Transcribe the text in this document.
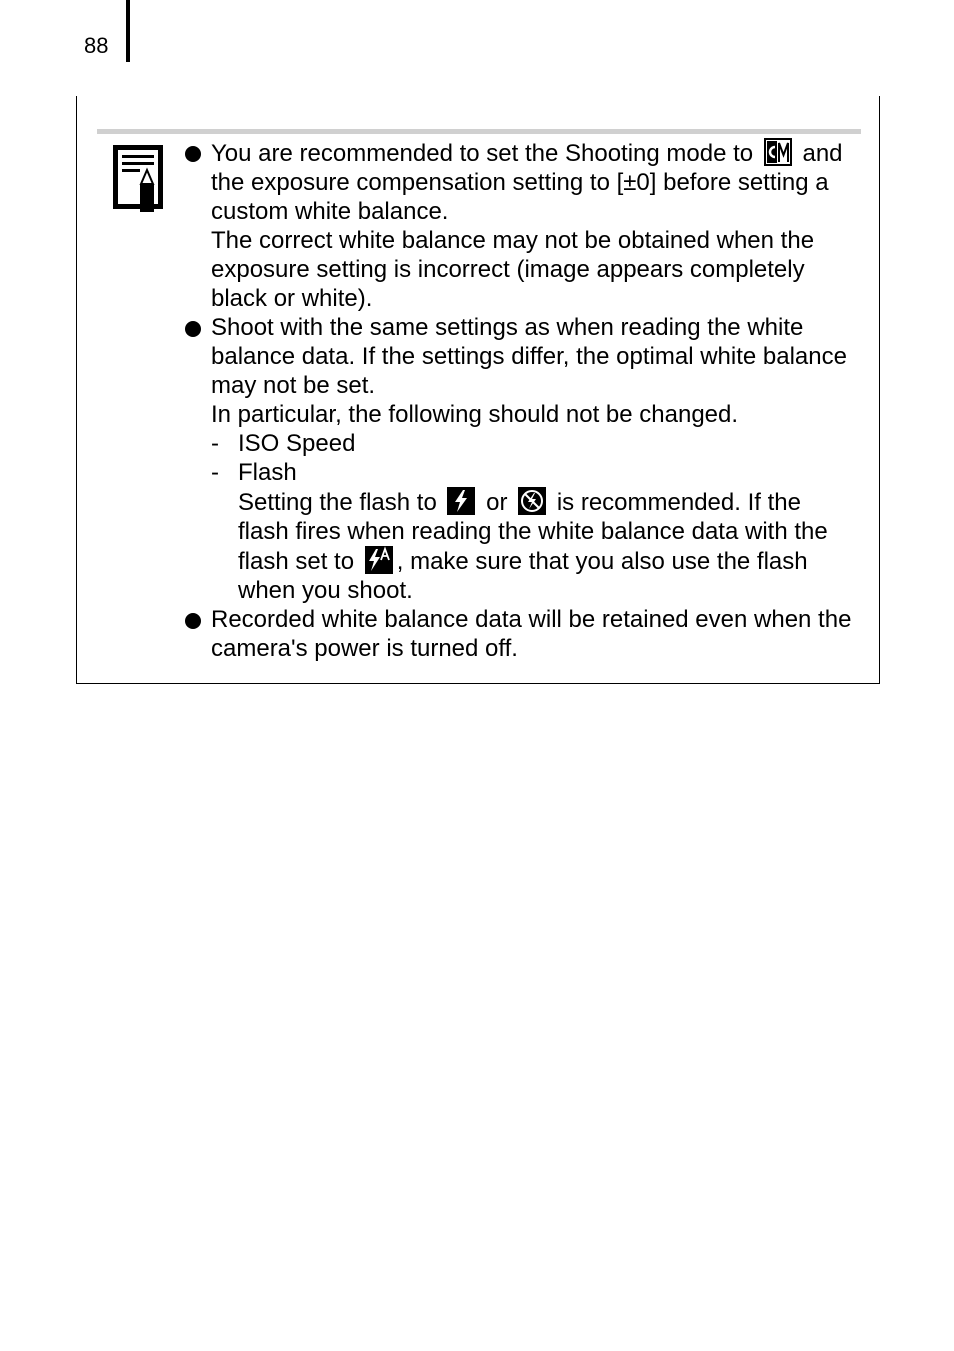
88
You are recommended to set the Shooting mode to and the exposure compensation setting to [±0] before setting a custom white balance.
The correct white balance may not be obtained when the exposure setting is incorrect (image appears completely black or white).
Shoot with the same settings as when reading the white balance data. If the settings differ, the optimal white balance may not be set.
In particular, the following should not be changed.
- ISO Speed
- Flash
Setting the flash to or is recommended. If the flash fires when reading the white balance data with the flash set to , make sure that you also use the flash when you shoot.
Recorded white balance data will be retained even when the camera's power is turned off.
